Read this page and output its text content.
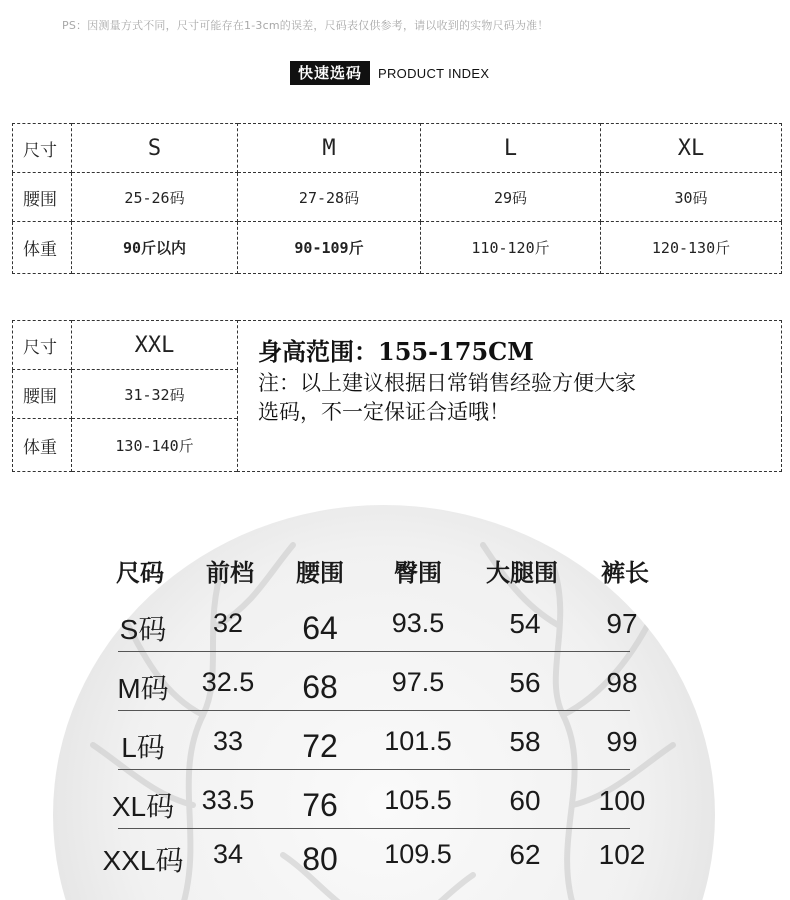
PS：因测量方式不同，尺寸可能存在1-3cm的误差，尺码表仅供参考，请以收到的实物尺码为准！
快速选码	PRODUCT INDEX
尺寸	S	M	L	XL
腰围	25-26码	27-28码	29码	30码
体重	90斤以内	90-109斤	110-120斤	120-130斤
尺寸	XXL	
腰围	31-32码	
体重	130-140斤	
身高范围：155-175CM
注：以上建议根据日常销售经验方便大家
选码，不一定保证合适哦！
尺码 前档 腰围 臀围 大腿围 裤长
S码 32 64 93.5 54 97
M码 32.5 68 97.5 56 98
L码 33 72 101.5 58 99
XL码 33.5 76 105.5 60 100
XXL码 34 80 109.5 62 102
